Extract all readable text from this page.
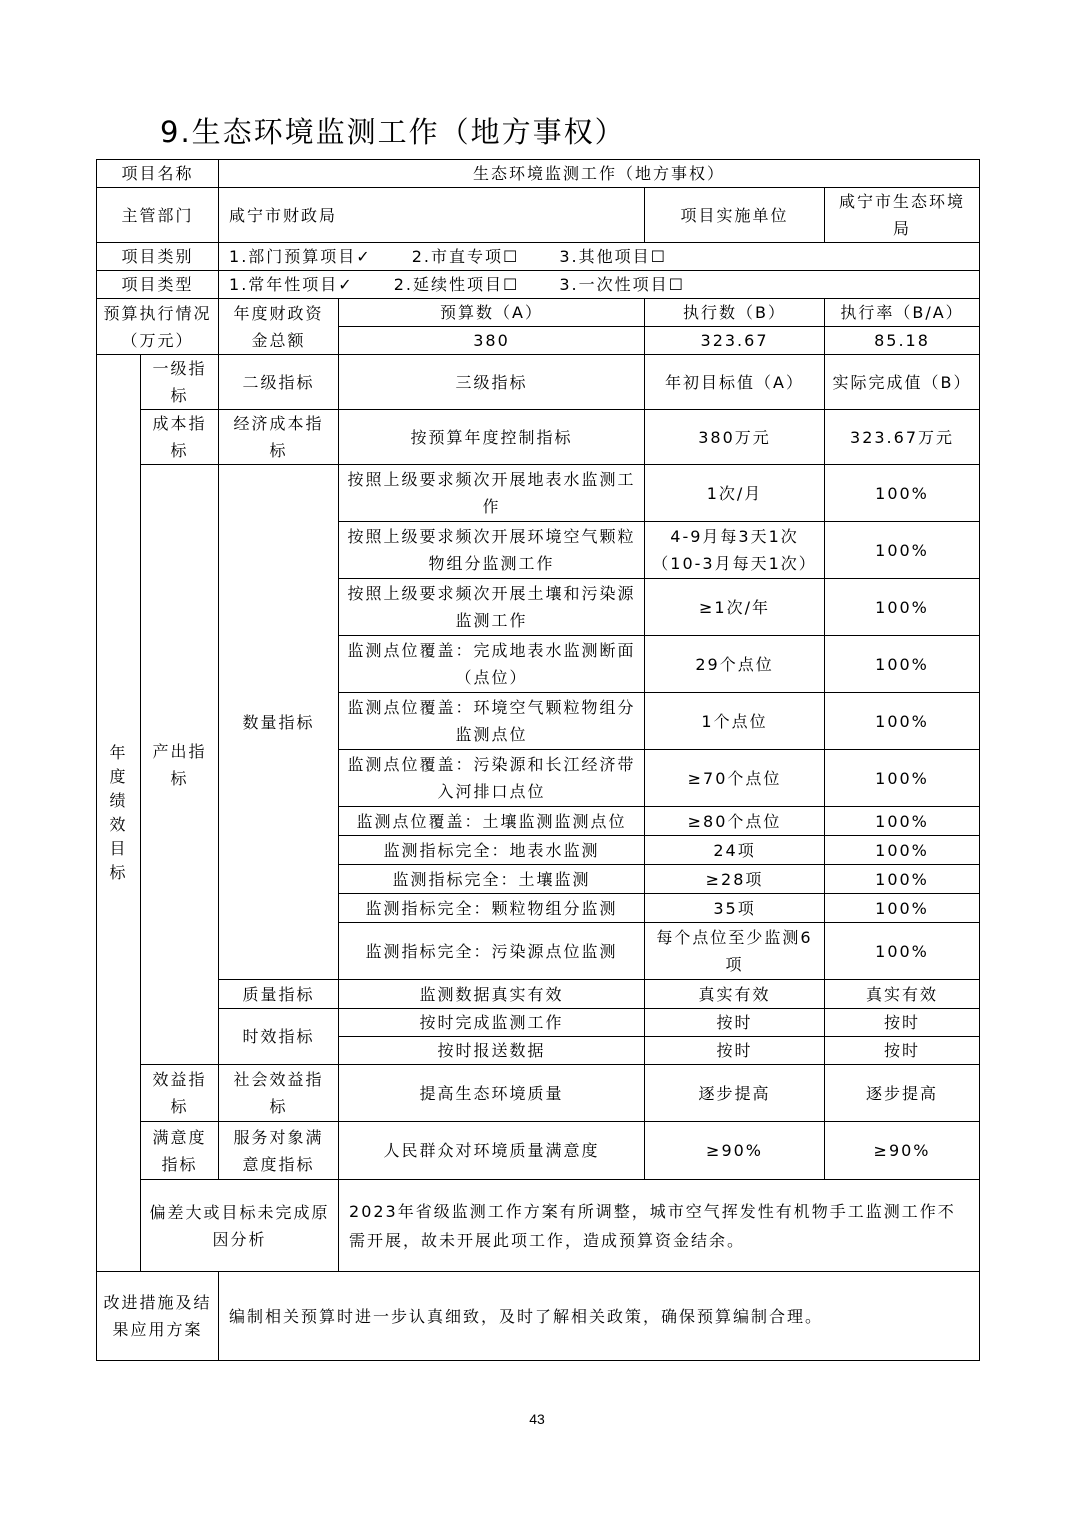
9.生态环境监测工作（地方事权）
项目名称		生态环境监测工作（地方事权）			
主管部门		咸宁市财政局		项目实施单位	咸宁市生态环境局
项目类别		1.部门预算项目✓ 2.市直专项☐ 3.其他项目☐			
项目类型		1.常年性项目✓ 2.延续性项目☐ 3.一次性项目☐			
预算执行情况（万元）		年度财政资金总额	预算数（A）	执行数（B）	执行率（B/A）
			380	323.67	85.18

年度绩效目标	一级指标	二级指标	三级指标	年初目标值（A）	实际完成值（B）
	成本指标	经济成本指标	按预算年度控制指标	380万元	323.67万元
	产出指标	数量指标	按照上级要求频次开展地表水监测工作	1次/月	100%
			按照上级要求频次开展环境空气颗粒物组分监测工作	4-9月每3天1次（10-3月每天1次）	100%
			按照上级要求频次开展土壤和污染源监测工作	≥1次/年	100%
			监测点位覆盖：完成地表水监测断面（点位）	29个点位	100%
			监测点位覆盖：环境空气颗粒物组分监测点位	1个点位	100%
			监测点位覆盖：污染源和长江经济带入河排口点位	≥70个点位	100%
			监测点位覆盖：土壤监测监测点位	≥80个点位	100%
			监测指标完全：地表水监测	24项	100%
			监测指标完全：土壤监测	≥28项	100%
			监测指标完全：颗粒物组分监测	35项	100%
			监测指标完全：污染源点位监测	每个点位至少监测6项	100%
		质量指标	监测数据真实有效	真实有效	真实有效
		时效指标	按时完成监测工作	按时	按时
			按时报送数据	按时	按时
	效益指标	社会效益指标	提高生态环境质量	逐步提高	逐步提高
	满意度指标	服务对象满意度指标	人民群众对环境质量满意度	≥90%	≥90%
	偏差大或目标未完成原因分析		2023年省级监测工作方案有所调整，城市空气挥发性有机物手工监测工作不需开展，故未开展此项工作，造成预算资金结余。		
改进措施及结果应用方案		编制相关预算时进一步认真细致，及时了解相关政策，确保预算编制合理。			
43
